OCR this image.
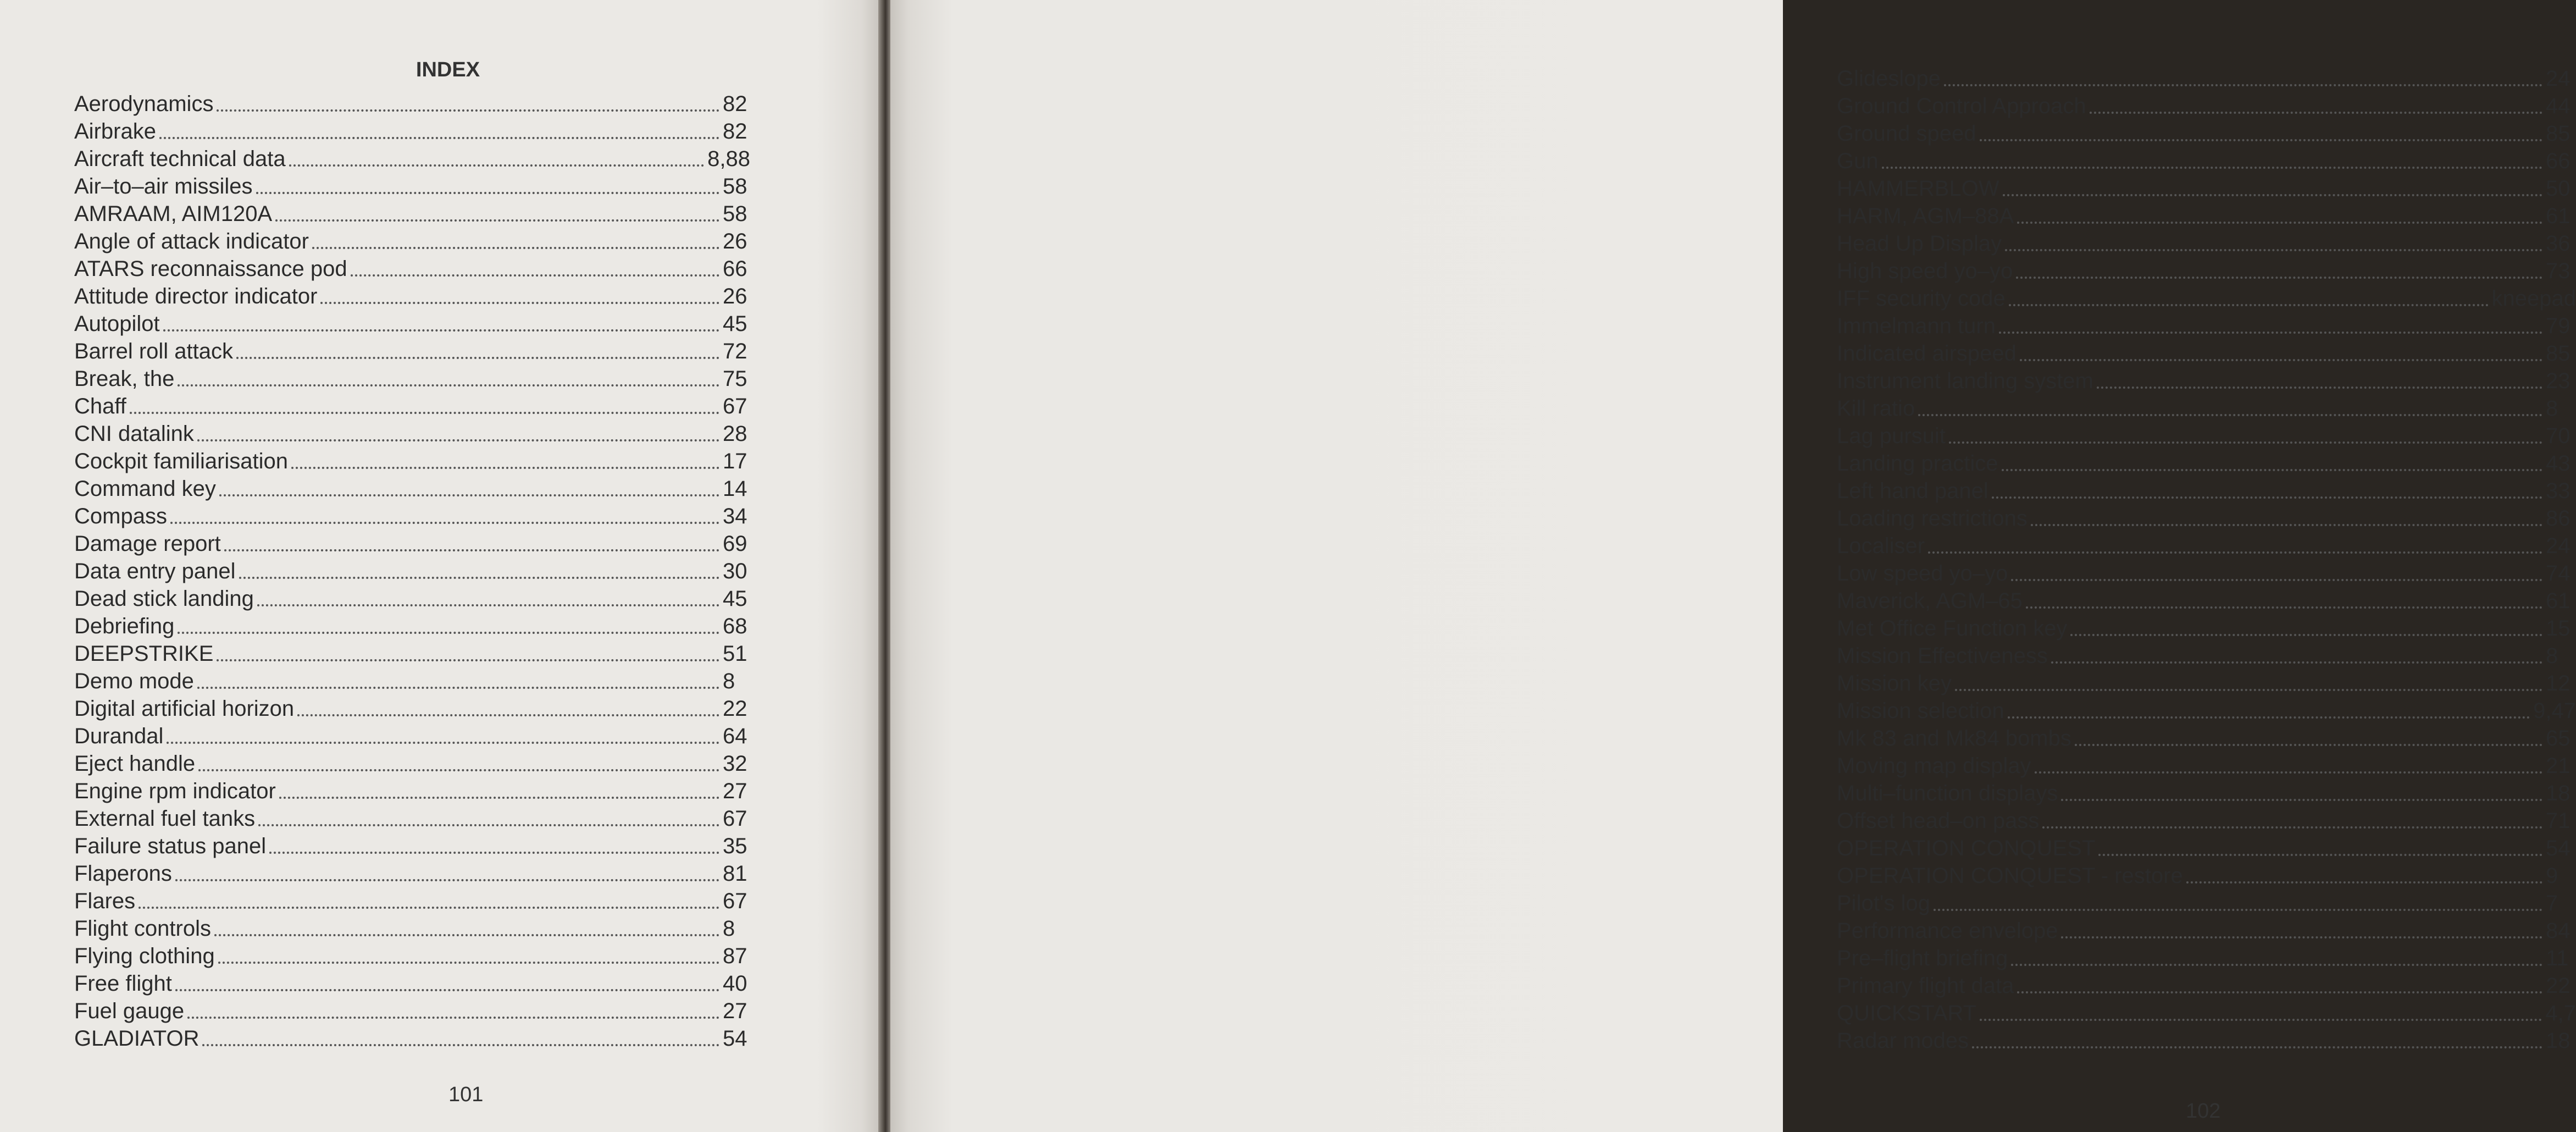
INDEX
Aerodynamics	82
Airbrake	82
Aircraft technical data	8,88
Air–to–air missiles	58
AMRAAM, AIM120A	58
Angle of attack indicator	26
ATARS reconnaissance pod	66
Attitude director indicator	26
Autopilot	45
Barrel roll attack	72
Break, the	75
Chaff	67
CNI datalink	28
Cockpit familiarisation	17
Command key	14
Compass	34
Damage report	69
Data entry panel	30
Dead stick landing	45
Debriefing	68
DEEPSTRIKE	51
Demo mode	8
Digital artificial horizon	22
Durandal	64
Eject handle	32
Engine rpm indicator	27
External fuel tanks	67
Failure status panel	35
Flaperons	81
Flares	67
Flight controls	8
Flying clothing	87
Free flight	40
Fuel gauge	27
GLADIATOR	54
101
Glideslope	24
Ground Control Approach	44
Ground speed	85
Gun	66
HAMMERBLOW	50
HARM, AGM–88A	61
Head Up Display	36
High speed yo–yo	73
IFF security code	kneepad
Immelmann turn	79
Indicated airspeed	85
Instrument landing system	23
Kill ratio	8
Lag pursuit	70
Landing practice	43
Left hand panel	33
Loading restrictions	86
Localiser	24
Low speed yo–yo	74
Maverick, AGM–65	61
Met Office Function key	15
Mission Effectiveness	8
Mission key	12
Mission selection	9,47
Mk 83 and Mk84 bombs	65
Moving map display	21
Multi–function displays	18
Offset head–on pass	71
OPERATION CONQUEST	54
OPERATION CONQUEST - restore	9
Pilot's log	7
Performance envelope	84
Pre–flight briefing	11
Primary flight data	22
QUICKSTART	4,7
Radar modes	18
102
